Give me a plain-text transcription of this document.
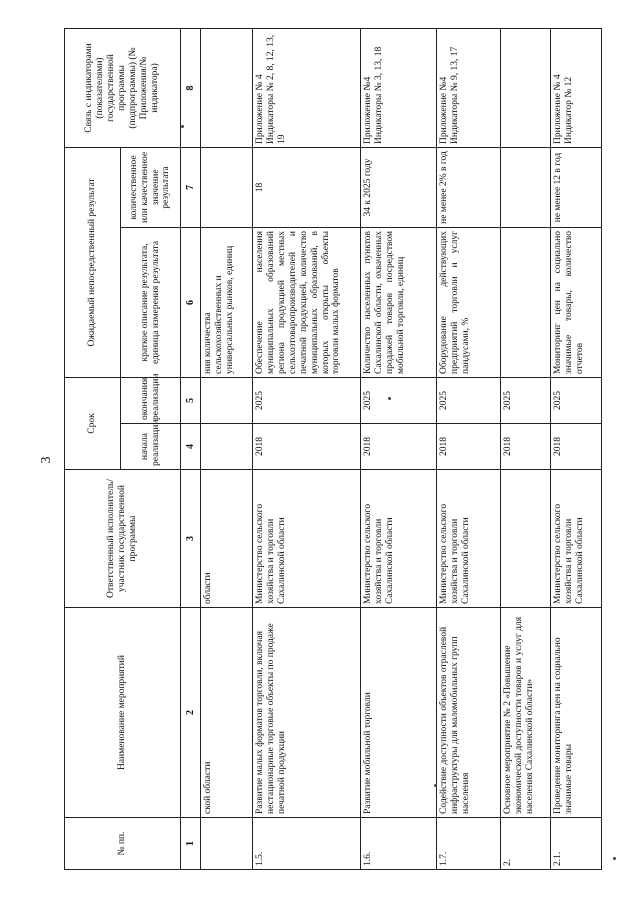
3
№ пп.	Наименование мероприятий	Ответственный исполнитель/участник государственной программы	Срок		Ожидаемый непосредственный результат		Связь с индикаторами (показателями) государственной программы (подпрограммы) (№ Приложения/№ индикатора)
			начала реализации	окончания реализации	краткое описание результата, единица измерения результата	количественное или качественное значение результата	
1	2	3	4	5	6	7	8
	ской области	области			ния количества сельскохозяйственных и универсальных рынков, единиц		
1.5.	Развитие малых форматов торговли, включая нестационарные торговые объекты по продаже печатной продукции	Министерство сельского хозяйства и торговли Сахалинской области	2018	2025	Обеспечение населения муниципальных образований региона продукцией местных сельхозтоваропроизводителей и печатной продукцией, количество муниципальных образований, в которых открыты объекты торговли малых форматов	18	Приложение № 4 Индикаторы № 2, 8, 12, 13, 19
1.6.	Развитие мобильной торговли	Министерство сельского хозяйства и торговли Сахалинской области	2018	2025	Количество населенных пунктов Сахалинской области, охваченных продажей товаров посредством мобильной торговли, единиц	34 к 2025 году	Приложение №4 Индикаторы № 3, 13, 18
1.7.	Содействие доступности объектов отраслевой инфраструктуры для маломобильных групп населения	Министерство сельского хозяйства и торговли Сахалинской области	2018	2025	Оборудование действующих предприятий торговли и услуг пандусами, %	не менее 2% в год	Приложение №4 Индикаторы № 9, 13, 17
2.	Основное мероприятие № 2 «Повышение экономической доступности товаров и услуг для населения Сахалинской области»		2018	2025			
2.1.	Проведение мониторинга цен на социально значимые товары	Министерство сельского хозяйства и торговли Сахалинской области	2018	2025	Мониторинг цен на социально значимые товары, количество отчетов	не менее 12 в год	Приложение № 4 Индикатор № 12
